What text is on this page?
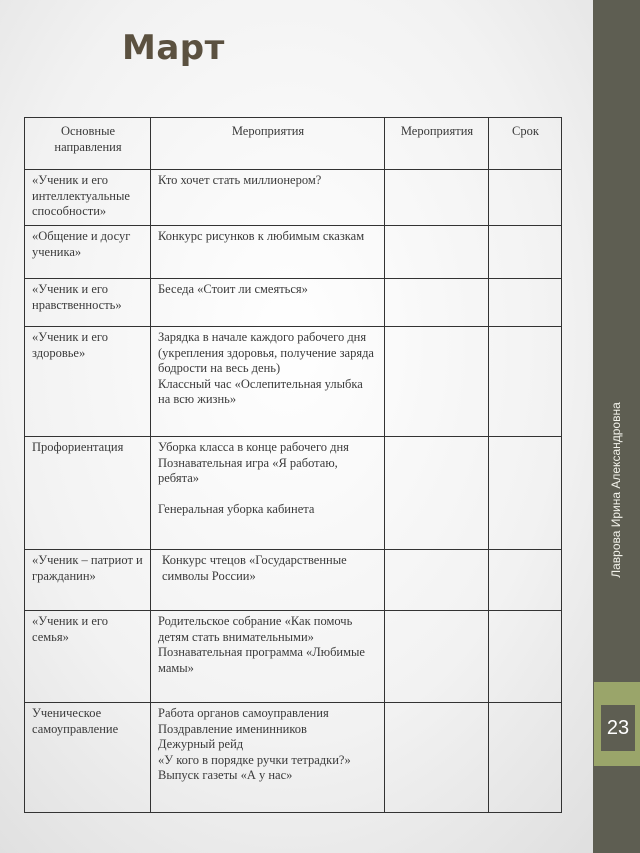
Март
Основные направления	Мероприятия	Мероприятия	Срок
«Ученик и его интеллектуальные способности»	Кто хочет стать миллионером?		

«Общение и досуг ученика»	Конкурс рисунков к любимым сказкам		

«Ученик и его нравственность»	Беседа «Стоит ли смеяться»		

«Ученик и его здоровье»	Зарядка в начале каждого рабочего дня (укрепления здоровья, получение заряда бодрости на весь день)
Классный час «Ослепительная улыбка на всю жизнь»		

Профориентация	Уборка класса в конце рабочего дня
Познавательная игра «Я работаю, ребята»
Генеральная уборка кабинета		

«Ученик – патриот и гражданин»	Конкурс чтецов «Государственные символы России»		

«Ученик и его семья»	Родительское собрание «Как помочь детям стать внимательными»
Познавательная программа «Любимые мамы»		

Ученическое самоуправление	Работа органов самоуправления
Поздравление именинников
Дежурный рейд
«У кого в порядке ручки тетрадки?»
Выпуск газеты «А у нас»		

Лаврова Ирина Александровна
23
